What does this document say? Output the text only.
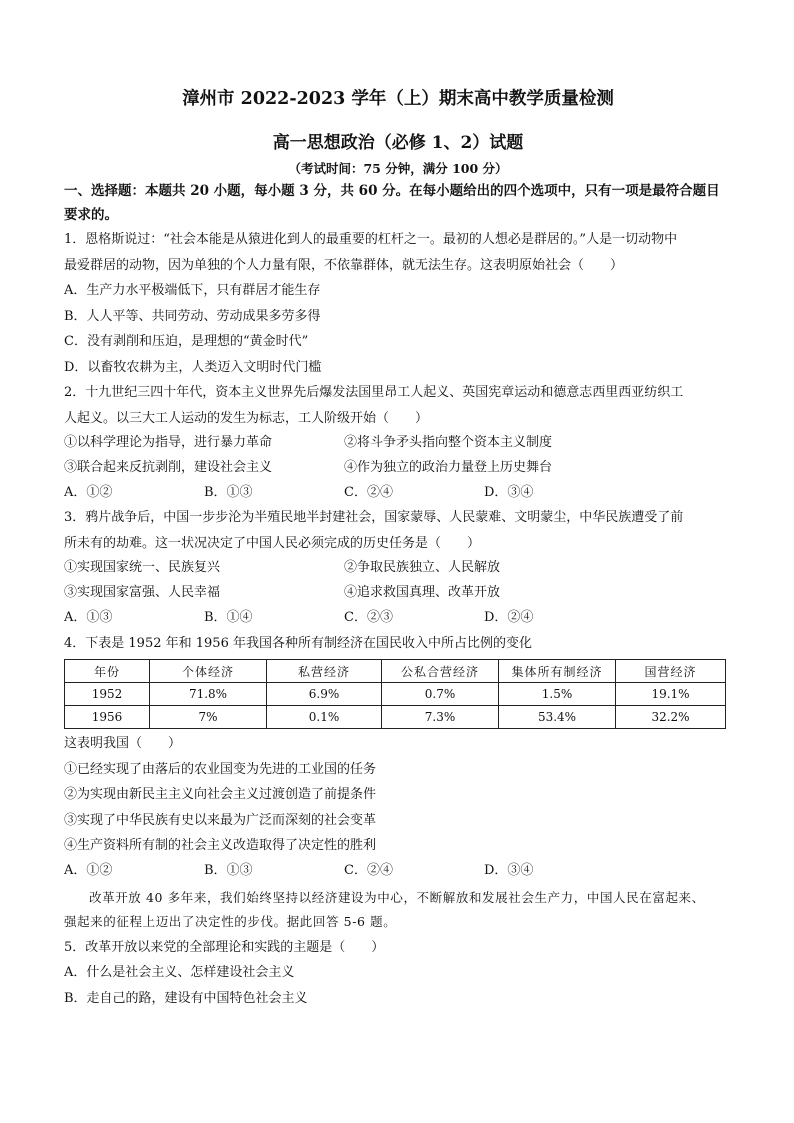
漳州市 2022-2023 学年（上）期末高中教学质量检测

高一思想政治（必修 1、2）试题

（考试时间：75 分钟，满分 100 分）

一、选择题：本题共 20 小题，每小题 3 分，共 60 分。在每小题给出的四个选项中，只有一项是最符合题目

要求的。

1．恩格斯说过：“社会本能是从猿进化到人的最重要的杠杆之一。最初的人想必是群居的。”人是一切动物中

最爱群居的动物，因为单独的个人力量有限，不依靠群体，就无法生存。这表明原始社会（　　）

A．生产力水平极端低下，只有群居才能生存

B．人人平等、共同劳动、劳动成果多劳多得

C．没有剥削和压迫，是理想的“黄金时代”

D．以畜牧农耕为主，人类迈入文明时代门槛

2．十九世纪三四十年代，资本主义世界先后爆发法国里昂工人起义、英国宪章运动和德意志西里西亚纺织工

人起义。以三大工人运动的发生为标志，工人阶级开始（　　）

①以科学理论为指导，进行暴力革命	②将斗争矛头指向整个资本主义制度
③联合起来反抗剥削，建设社会主义	④作为独立的政治力量登上历史舞台
A．①②	B．①③	C．②④	D．③④

3．鸦片战争后，中国一步步沦为半殖民地半封建社会，国家蒙辱、人民蒙难、文明蒙尘，中华民族遭受了前

所未有的劫难。这一状况决定了中国人民必须完成的历史任务是（　　）

①实现国家统一、民族复兴	②争取民族独立、人民解放
③实现国家富强、人民幸福	④追求救国真理、改革开放
A．①③	B．①④	C．②③	D．②④

4．下表是 1952 年和 1956 年我国各种所有制经济在国民收入中所占比例的变化

年份	个体经济	私营经济	公私合营经济	集体所有制经济	国营经济
1952	71.8%	6.9%	0.7%	1.5%	19.1%
1956	7%	0.1%	7.3%	53.4%	32.2%

这表明我国（　　）

①已经实现了由落后的农业国变为先进的工业国的任务

②为实现由新民主主义向社会主义过渡创造了前提条件

③实现了中华民族有史以来最为广泛而深刻的社会变革

④生产资料所有制的社会主义改造取得了决定性的胜利

A．①②	B．①③	C．②④	D．③④

改革开放 40 多年来，我们始终坚持以经济建设为中心，不断解放和发展社会生产力，中国人民在富起来、

强起来的征程上迈出了决定性的步伐。据此回答 5-6 题。

5．改革开放以来党的全部理论和实践的主题是（　　）

A．什么是社会主义、怎样建设社会主义

B．走自己的路，建设有中国特色社会主义
